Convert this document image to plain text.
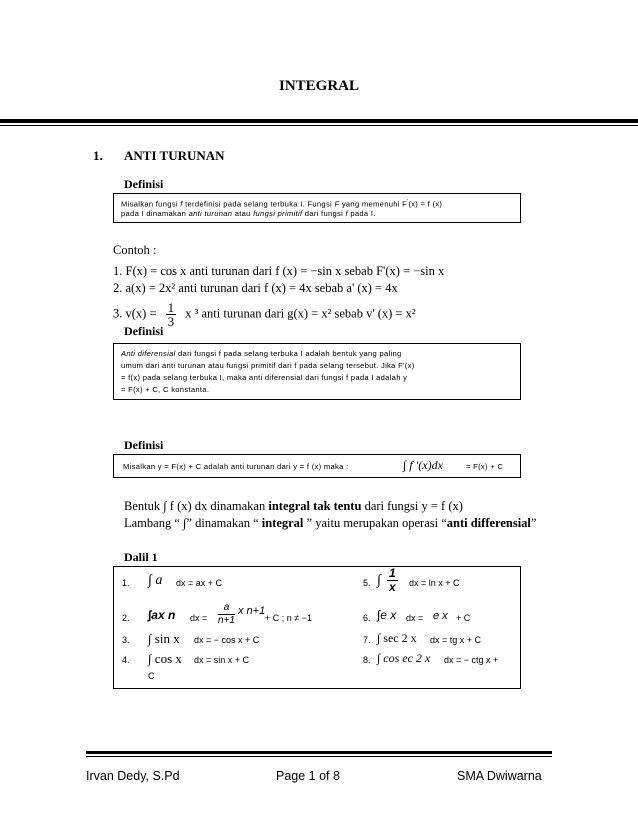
INTEGRAL
1. ANTI TURUNAN
Definisi
Misalkan fungsi f terdefinisi pada selang terbuka I. Fungsi F yang memenuhi F'(x) = f (x)
pada I dinamakan anti turunan atau fungsi primitif dari fungsi f pada I.
Contoh :
1. F(x) = cos x anti turunan dari f (x) = −sin x sebab F'(x) = −sin x
2. a(x) = 2x² anti turunan dari f (x) = 4x sebab a' (x) = 4x
3. $v(x) = \frac{1}{3}$ x ³ anti turunan dari g(x) = x² sebab v' (x) = x²
Definisi
Anti diferensial dari fungsi f pada selang terbuka I adalah bentuk yang paling
umum dari anti turunan atau fungsi primitif dari f pada selang tersebut. Jika F'(x)
= f(x) pada selang terbuka I, maka anti diferensial dari fungsi f pada I adalah y
= F(x) + C, C konstanta.
Definisi
Misalkan y = F(x) + C adalah anti turunan dari y = f (x) maka :	∫ f ′(x)dx	= F(x) + C
Bentuk ∫ f (x) dx dinamakan integral tak tentu dari fungsi y = f (x)
Lambang “ ∫” dinamakan “ integral ” yaitu merupakan operasi “anti differensial”
Dalil 1
1. ∫ a dx = ax + C
2. ∫ax n dx =
a
n+1
x n+1
+ C ; n ≠ −1
3. ∫ sin x dx = − cos x + C
4. ∫ cos x dx = sin x + C
C
5. ∫ 1
x dx = ln x + C
6. ∫e x dx = e x + C
7. ∫ sec 2 x dx = tg x + C
8. ∫ cos ec 2 x dx = − ctg x +
Irvan Dedy, S.Pd	Page 1 of 8	SMA Dwiwarna
